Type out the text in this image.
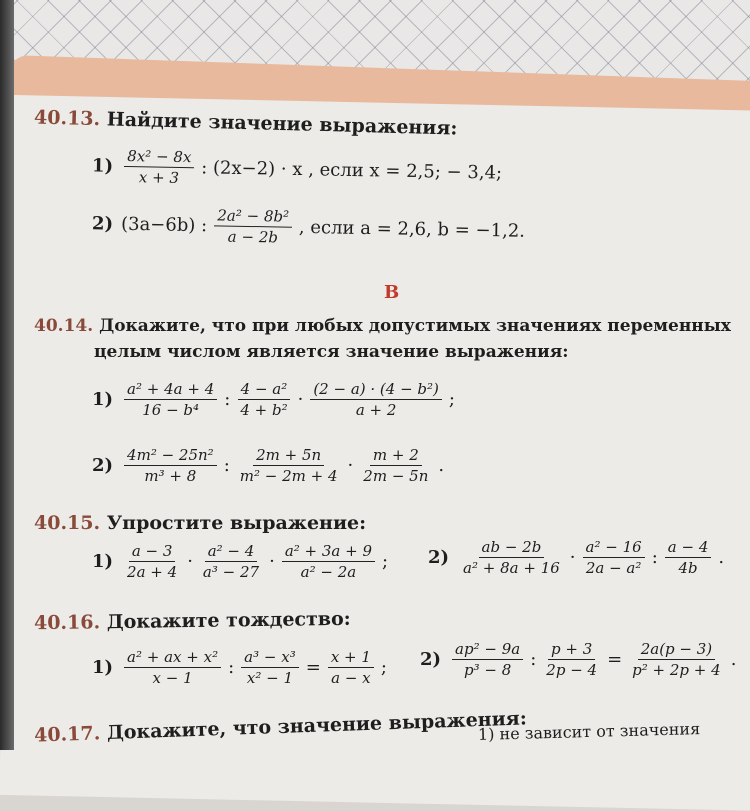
40.13. Найдите значение выражения:
$1) \frac{\text{8x² − 8x}}{x + 3}$ : (2x−2) · x , если x = 2,5; − 3,4;
2) (3a−6b) : $\frac{\text{2a² − 8b²}}{a - 2b}$ , если a = 2,6, b = −1,2.
B
40.14. Докажите, что при любых допустимых значениях переменных
целым числом является значение выражения:
$1) \frac{\text{a² + 4a + 4}}{\text{16 − b⁴}}$ : $\frac{\text{4 − a²}}{\text{4 + b²}} \cdot \frac{\text{(2 − a) · (4 − b²)}}{a + 2}$ ;
$2) \frac{\text{4m² − 25n²}}{\text{m³ + 8}}$ : $\frac{2m + 5n}{\text{m² − 2m + 4}} \cdot \frac{m + 2}{2m - 5n}$ .
40.15. Упростите выражение:
$1) \frac{a - 3}{2a + 4} \cdot \frac{\text{a² − 4}}{\text{a³ − 27}} \cdot \frac{\text{a² + 3a + 9}}{\text{a² − 2a}}$ ; $2) \frac{ab - 2b}{\text{a² + 8a + 16}} \cdot \frac{\text{a² − 16}}{\text{2a − a²}}$ : $\frac{a - 4}{4b}$ .
40.16. Докажите тождество:
$1) \frac{\text{a² + ax + x²}}{x - 1}$ : $\frac{\text{a³ − x³}}{\text{x² − 1}} = \frac{x + 1}{a - x}$ ; $2) \frac{\text{ap² − 9a}}{\text{p³ − 8}}$ : $\frac{p + 3}{2p - 4} = \frac{2a(p - 3)}{\text{p² + 2p + 4}}$ .
40.17. Докажите, что значение выражения:
1) не зависит от значения
